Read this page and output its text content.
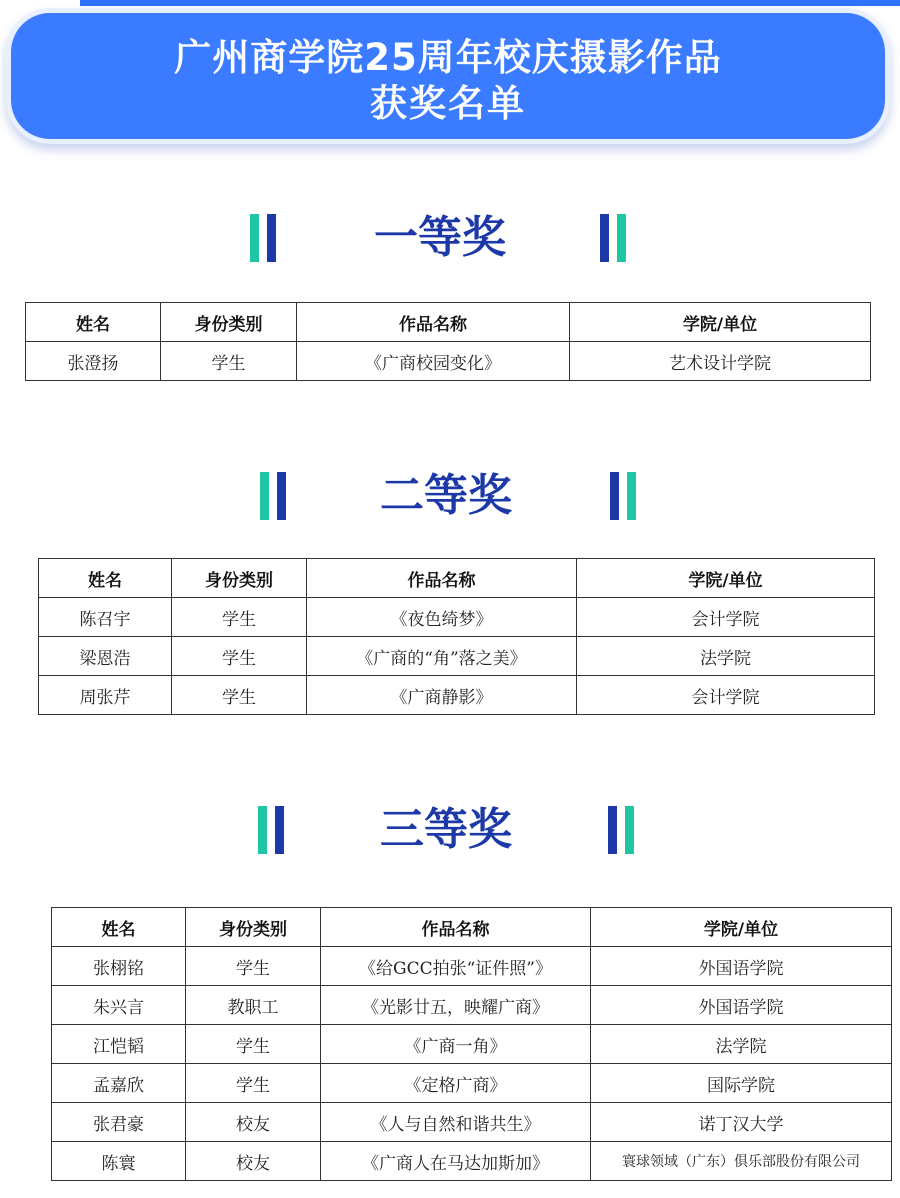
广州商学院25周年校庆摄影作品
获奖名单
一等奖
姓名	身份类别	作品名称	学院/单位
张澄扬	学生	《广商校园变化》	艺术设计学院
二等奖
姓名	身份类别	作品名称	学院/单位
陈召宇	学生	《夜色绮梦》	会计学院
梁恩浩	学生	《广商的“角”落之美》	法学院
周张芹	学生	《广商静影》	会计学院
三等奖
姓名	身份类别	作品名称	学院/单位
张栩铭	学生	《给GCC拍张“证件照”》	外国语学院
朱兴言	教职工	《光影廿五，映耀广商》	外国语学院
江恺韬	学生	《广商一角》	法学院
孟嘉欣	学生	《定格广商》	国际学院
张君豪	校友	《人与自然和谐共生》	诺丁汉大学
陈寰	校友	《广商人在马达加斯加》	寰球领域（广东）俱乐部股份有限公司
